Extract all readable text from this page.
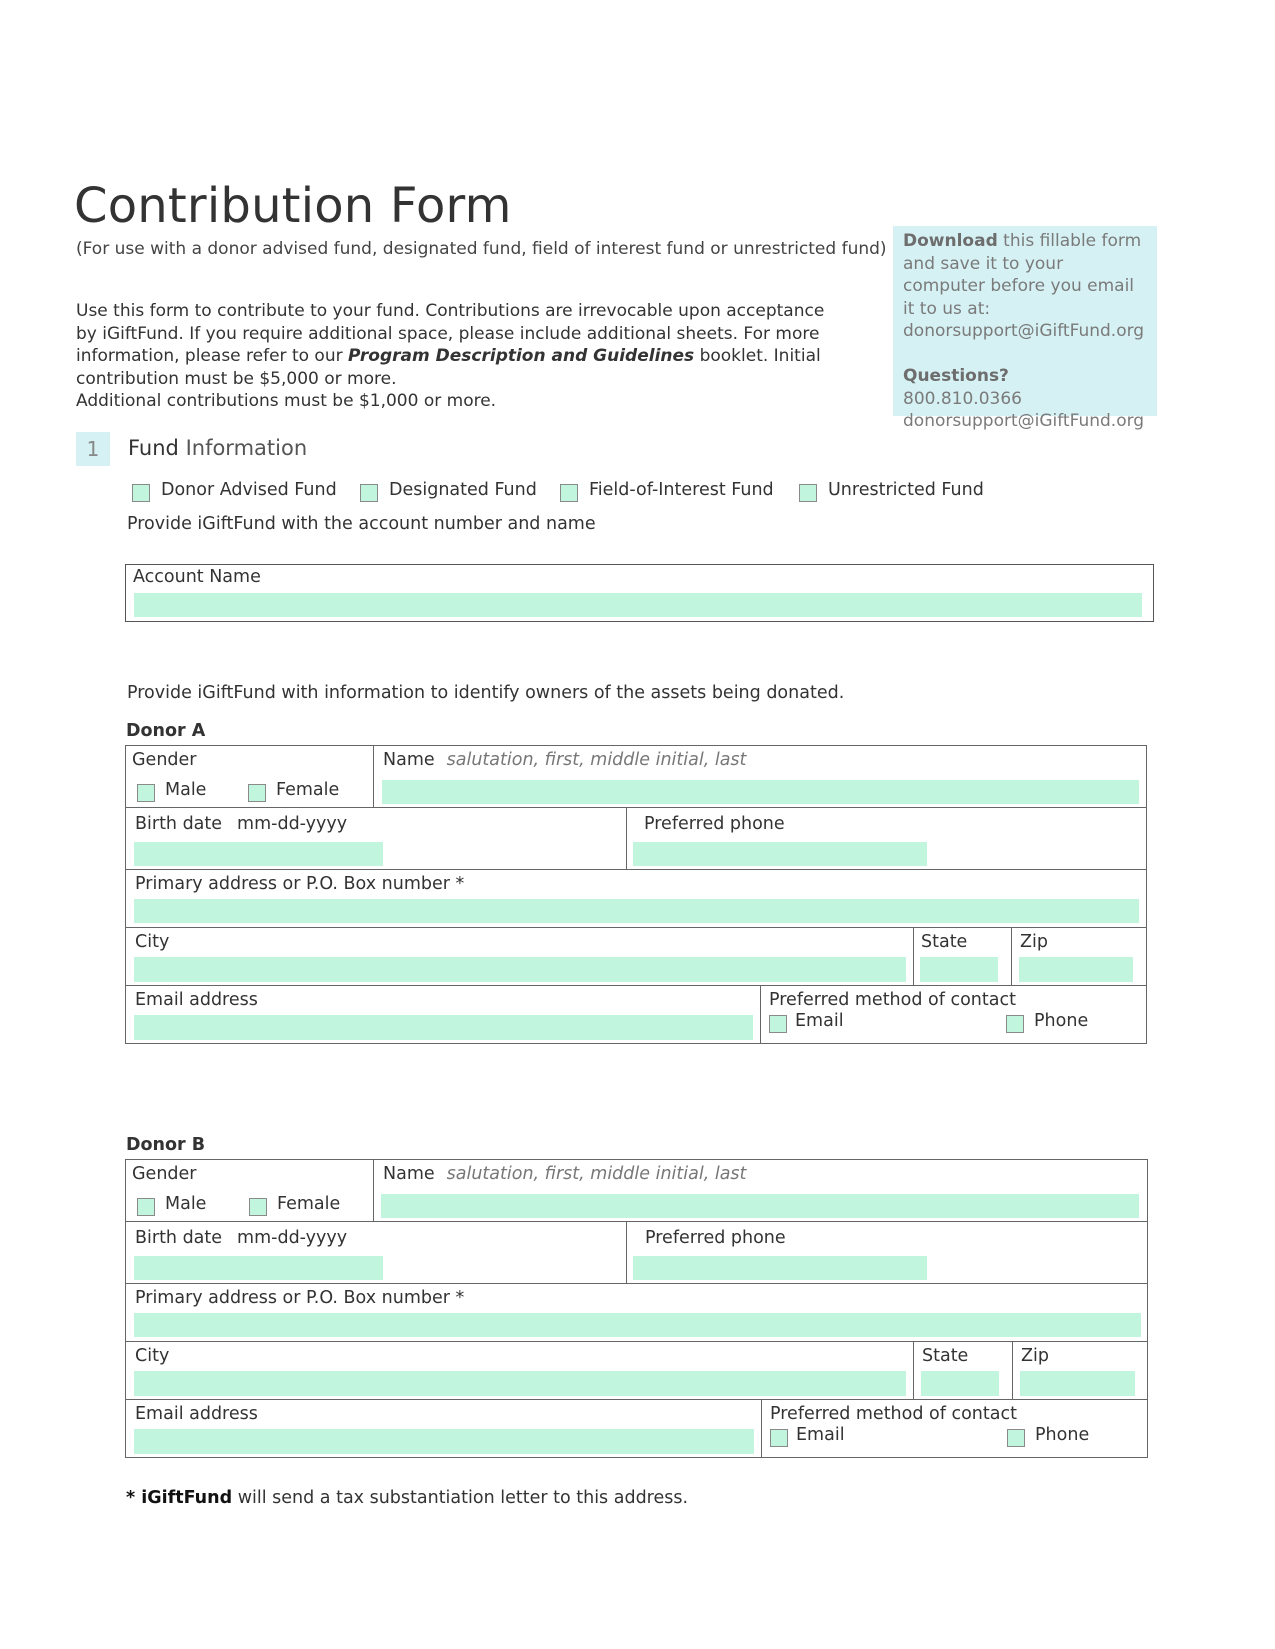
Contribution Form
(For use with a donor advised fund, designated fund, field of interest fund or unrestricted fund)
Use this form to contribute to your fund. Contributions are irrevocable upon acceptance by iGiftFund. If you require additional space, please include additional sheets. For more information, please refer to our Program Description and Guidelines booklet. Initial contribution must be $5,000 or more.
Additional contributions must be $1,000 or more.
Download this fillable form and save it to your computer before you email it to us at:
donorsupport@iGiftFund.org

Questions?
800.810.0366
donorsupport@iGiftFund.org
1	Fund Information
Donor Advised Fund	Designated Fund	Field-of-Interest Fund	Unrestricted Fund
Provide iGiftFund with the account number and name
Account Name
Provide iGiftFund with information to identify owners of the assets being donated.
Donor A
Gender
Male	Female
Name salutation, first, middle initial, last
Birth date mm-dd-yyyy	Preferred phone
Primary address or P.O. Box number *
City	State	Zip
Email address	Preferred method of contact
Email	Phone
Donor B
Gender
Male	Female
Name salutation, first, middle initial, last
Birth date mm-dd-yyyy	Preferred phone
Primary address or P.O. Box number *
City	State	Zip
Email address	Preferred method of contact
Email	Phone
* iGiftFund will send a tax substantiation letter to this address.
